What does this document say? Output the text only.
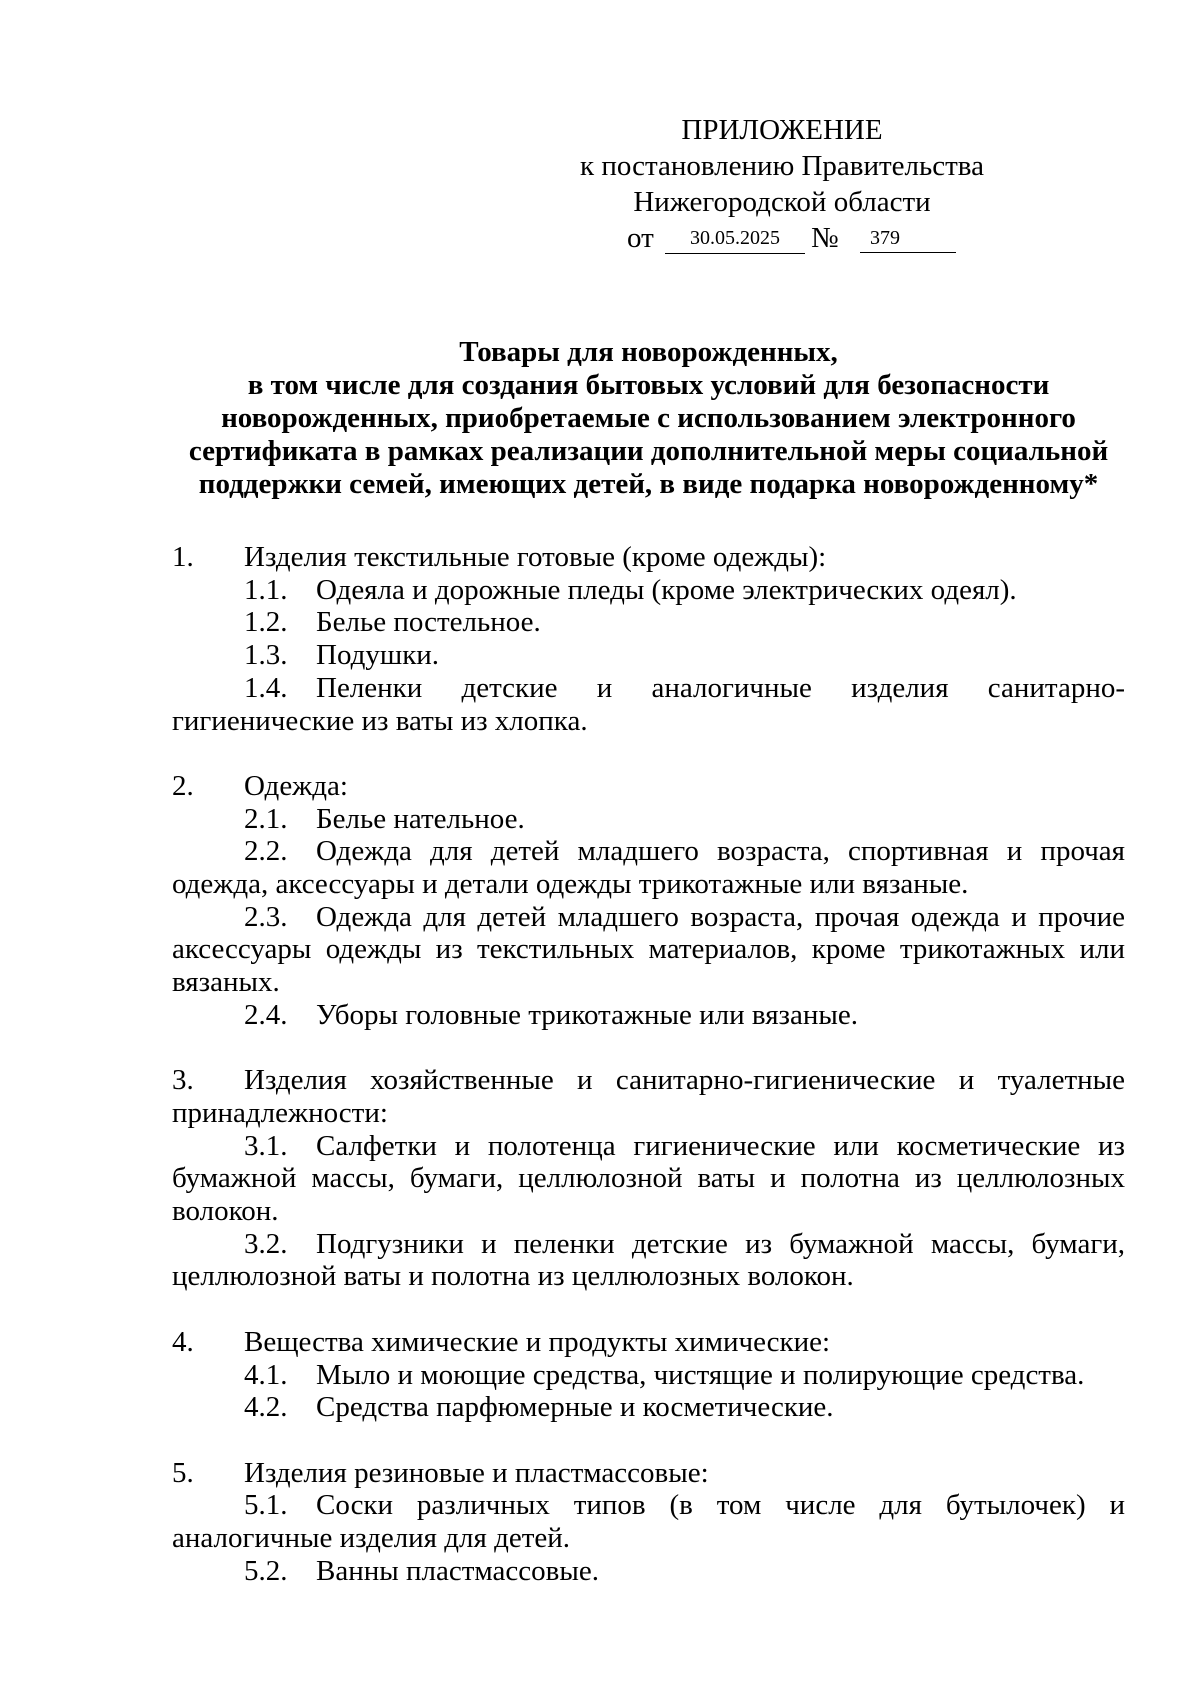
ПРИЛОЖЕНИЕ
к постановлению Правительства
Нижегородской области
от	30.05.2025	№	379
Товары для новорожденных,
в том числе для создания бытовых условий для безопасности
новорожденных, приобретаемые с использованием электронного
сертификата в рамках реализации дополнительной меры социальной
поддержки семей, имеющих детей, в виде подарка новорожденному*
1. Изделия текстильные готовые (кроме одежды):
1.1. Одеяла и дорожные пледы (кроме электрических одеял).
1.2. Белье постельное.
1.3. Подушки.
1.4. Пеленки детские и аналогичные изделия санитарно-гигиенические из ваты из хлопка.
2. Одежда:
2.1. Белье нательное.
2.2. Одежда для детей младшего возраста, спортивная и прочая одежда, аксессуары и детали одежды трикотажные или вязаные.
2.3. Одежда для детей младшего возраста, прочая одежда и прочие аксессуары одежды из текстильных материалов, кроме трикотажных или вязаных.
2.4. Уборы головные трикотажные или вязаные.
3. Изделия хозяйственные и санитарно-гигиенические и туалетные принадлежности:
3.1. Салфетки и полотенца гигиенические или косметические из бумажной массы, бумаги, целлюлозной ваты и полотна из целлюлозных волокон.
3.2. Подгузники и пеленки детские из бумажной массы, бумаги, целлюлозной ваты и полотна из целлюлозных волокон.
4. Вещества химические и продукты химические:
4.1. Мыло и моющие средства, чистящие и полирующие средства.
4.2. Средства парфюмерные и косметические.
5. Изделия резиновые и пластмассовые:
5.1. Соски различных типов (в том числе для бутылочек) и аналогичные изделия для детей.
5.2. Ванны пластмассовые.
